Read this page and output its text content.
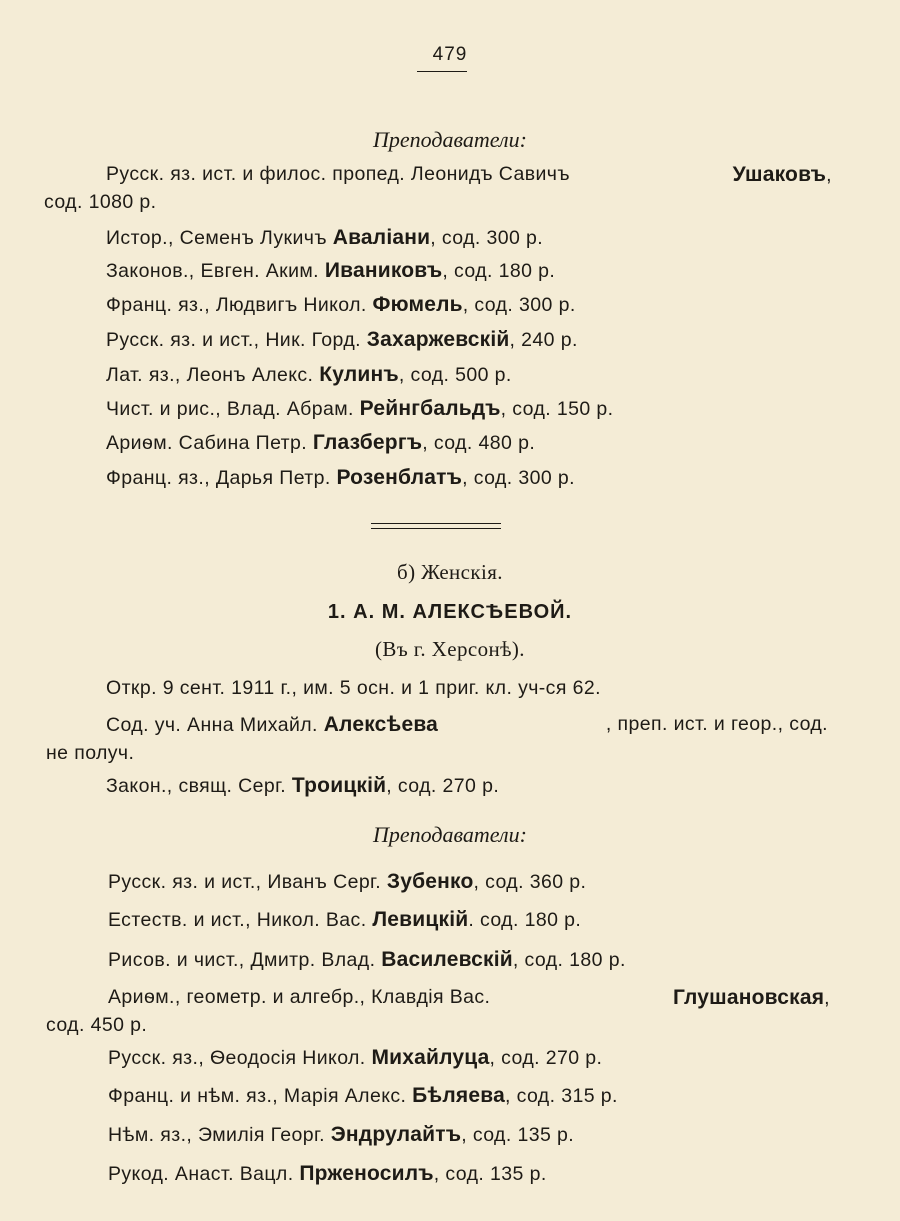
479
Преподаватели:
Русск. яз. ист. и филос. пропед. Леонидъ Савичъ	Ушаковъ,
сод. 1080 р.
Истор., Семенъ Лукичъ Аваліани, сод. 300 р.
Законов., Евген. Аким. Иваниковъ, сод. 180 р.
Франц. яз., Людвигъ Никол. Фюмель, сод. 300 р.
Русск. яз. и ист., Ник. Горд. Захаржевскій, 240 р.
Лат. яз., Леонъ Алекс. Кулинъ, сод. 500 р.
Чист. и рис., Влад. Абрам. Рейнгбальдъ, сод. 150 р.
Ариѳм. Сабина Петр. Глазбергъ, сод. 480 р.
Франц. яз., Дарья Петр. Розенблатъ, сод. 300 р.
б) Женскія.
1. А. М. АЛЕКСѢЕВОЙ.
(Въ г. Херсонѣ).
Откр. 9 сент. 1911 г., им. 5 осн. и 1 приг. кл. уч-ся 62.
Сод. уч. Анна Михайл. Алексѣева	, преп. ист. и геор., сод.
не получ.
Закон., свящ. Серг. Троицкій, сод. 270 р.
Преподаватели:
Русск. яз. и ист., Иванъ Серг. Зубенко, сод. 360 р.
Естеств. и ист., Никол. Вас. Левицкій. сод. 180 р.
Рисов. и чист., Дмитр. Влад. Василевскій, сод. 180 р.
Ариѳм., геометр. и алгебр., Клавдія Вас.	Глушановская,
сод. 450 р.
Русск. яз., Ѳеодосія Никол. Михайлуца, сод. 270 р.
Франц. и нѣм. яз., Марія Алекс. Бѣляева, сод. 315 р.
Нѣм. яз., Эмилія Георг. Эндрулайтъ, сод. 135 р.
Рукод. Анаст. Вацл. Прженосилъ, сод. 135 р.
